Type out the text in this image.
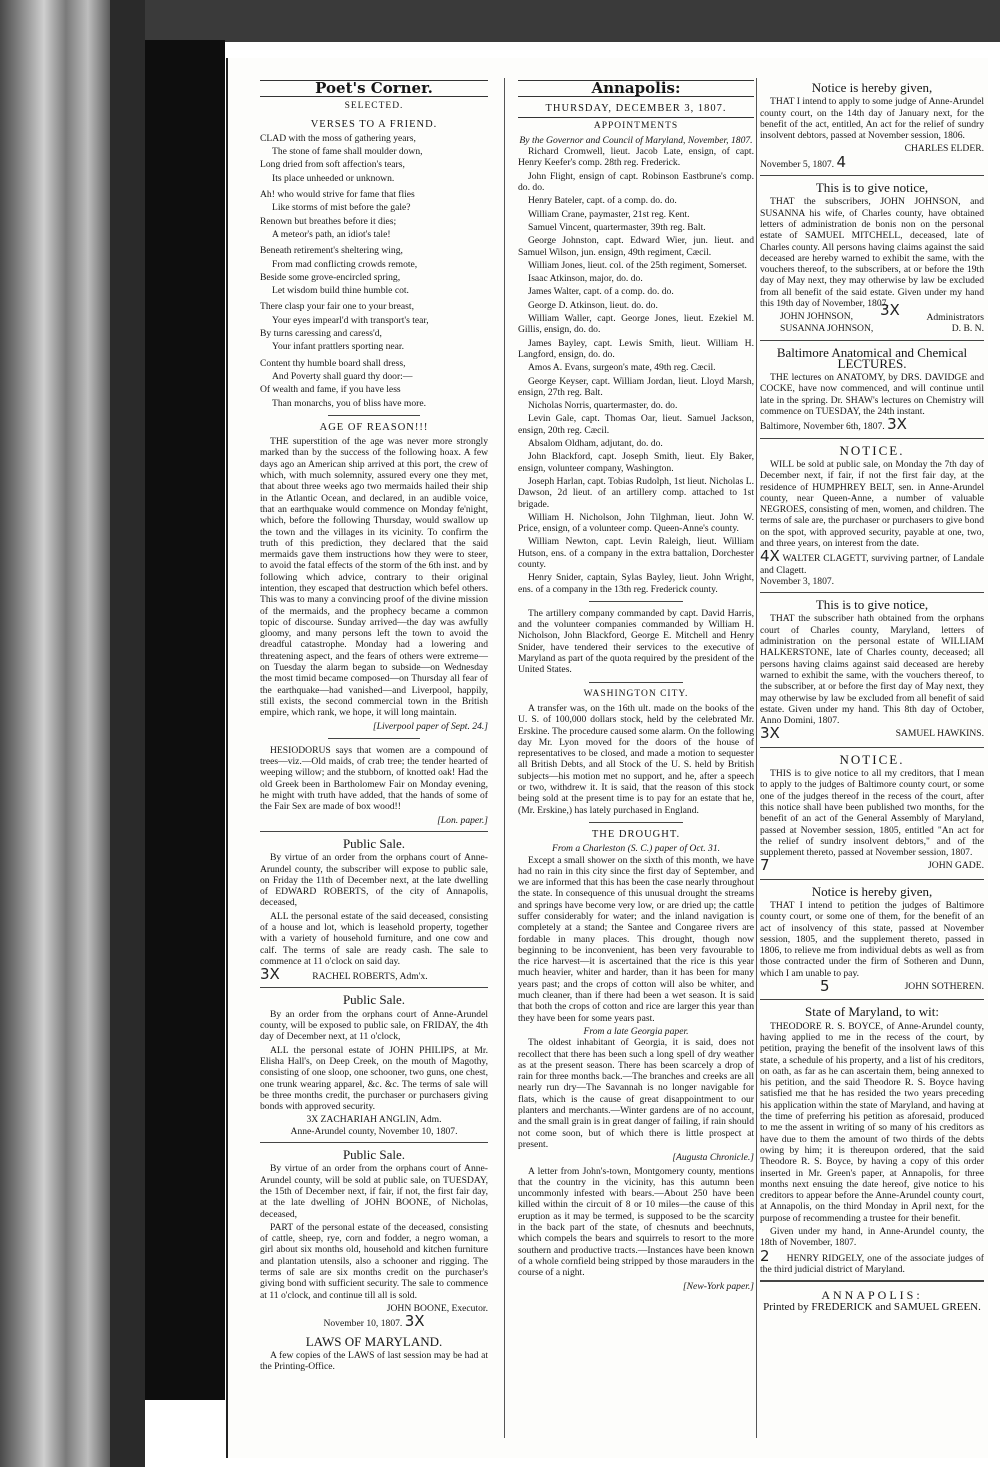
Poet's Corner.
SELECTED.
VERSES TO A FRIEND.

CLAD with the moss of gathering years,

The stone of fame shall moulder down,

Long dried from soft affection's tears,

Its place unheeded or unknown.

Ah! who would strive for fame that flies

Like storms of mist before the gale?

Renown but breathes before it dies;

A meteor's path, an idiot's tale!

Beneath retirement's sheltering wing,

From mad conflicting crowds remote,

Beside some grove-encircled spring,

Let wisdom build thine humble cot.

There clasp your fair one to your breast,

Your eyes impearl'd with transport's tear,

By turns caressing and caress'd,

Your infant prattlers sporting near.

Content thy humble board shall dress,

And Poverty shall guard thy door:—

Of wealth and fame, if you have less

Than monarchs, you of bliss have more.

AGE OF REASON!!!

THE superstition of the age was never more strongly marked than by the success of the following hoax. A few days ago an American ship arrived at this port, the crew of which, with much solemnity, assured every one they met, that about three weeks ago two mermaids hailed their ship in the Atlantic Ocean, and declared, in an audible voice, that an earthquake would commence on Monday fe'night, which, before the following Thursday, would swallow up the town and the villages in its vicinity. To confirm the truth of this prediction, they declared that the said mermaids gave them instructions how they were to steer, to avoid the fatal effects of the storm of the 6th inst. and by following which advice, contrary to their original intention, they escaped that destruction which befel others. This was to many a convincing proof of the divine mission of the mermaids, and the prophecy became a common topic of discourse. Sunday arrived—the day was awfully gloomy, and many persons left the town to avoid the dreadful catastrophe. Monday had a lowering and threatening aspect, and the fears of others were extreme—on Tuesday the alarm began to subside—on Wednesday the most timid became composed—on Thursday all fear of the earthquake—had vanished—and Liverpool, happily, still exists, the second commercial town in the British empire, which rank, we hope, it will long maintain.

[Liverpool paper of Sept. 24.]

HESIODORUS says that women are a compound of trees—viz.—Old maids, of crab tree; the tender hearted of weeping willow; and the stubborn, of knotted oak! Had the old Greek been in Bartholomew Fair on Monday evening, he might with truth have added, that the hands of some of the Fair Sex are made of box wood!!

[Lon. paper.]
Public Sale.

By virtue of an order from the orphans court of Anne-Arundel county, the subscriber will expose to public sale, on Friday the 11th of December next, at the late dwelling of EDWARD ROBERTS, of the city of Annapolis, deceased,

ALL the personal estate of the said deceased, consisting of a house and lot, which is leasehold property, together with a variety of household furniture, and one cow and calf. The terms of sale are ready cash. The sale to commence at 11 o'clock on said day.

3X	RACHEL ROBERTS, Adm'x.
Public Sale.

By an order from the orphans court of Anne-Arundel county, will be exposed to public sale, on FRIDAY, the 4th day of December next, at 11 o'clock,

ALL the personal estate of JOHN PHILIPS, at Mr. Elisha Hall's, on Deep Creek, on the mouth of Magothy, consisting of one sloop, one schooner, two guns, one chest, one trunk wearing apparel, &c. &c. The terms of sale will be three months credit, the purchaser or purchasers giving bonds with approved security.

3X ZACHARIAH ANGLIN, Adm.
Anne-Arundel county, November 10, 1807.
Public Sale.

By virtue of an order from the orphans court of Anne-Arundel county, will be sold at public sale, on TUESDAY, the 15th of December next, if fair, if not, the first fair day, at the late dwelling of JOHN BOONE, of Nicholas, deceased,

PART of the personal estate of the deceased, consisting of cattle, sheep, rye, corn and fodder, a negro woman, a girl about six months old, household and kitchen furniture and plantation utensils, also a schooner and rigging. The terms of sale are six months credit on the purchaser's giving bond with sufficient security. The sale to commence at 11 o'clock, and continue till all is sold.

JOHN BOONE, Executor.
November 10, 1807. 3X
LAWS OF MARYLAND.

A few copies of the LAWS of last session may be had at the Printing-Office.

Annapolis:
THURSDAY, DECEMBER 3, 1807.
APPOINTMENTS
By the Governor and Council of Maryland, November, 1807.

Richard Cromwell, lieut. Jacob Late, ensign, of capt. Henry Keefer's comp. 28th reg. Frederick.

John Flight, ensign of capt. Robinson Eastbrune's comp. do. do.

Henry Bateler, capt. of a comp. do. do.

William Crane, paymaster, 21st reg. Kent.

Samuel Vincent, quartermaster, 39th reg. Balt.

George Johnston, capt. Edward Wier, jun. lieut. and Samuel Wilson, jun. ensign, 49th regiment, Cæcil.

William Jones, lieut. col. of the 25th regiment, Somerset.

Isaac Atkinson, major, do. do.

James Walter, capt. of a comp. do. do.

George D. Atkinson, lieut. do. do.

William Waller, capt. George Jones, lieut. Ezekiel M. Gillis, ensign, do. do.

James Bayley, capt. Lewis Smith, lieut. William H. Langford, ensign, do. do.

Amos A. Evans, surgeon's mate, 49th reg. Cæcil.

George Keyser, capt. William Jordan, lieut. Lloyd Marsh, ensign, 27th reg. Balt.

Nicholas Norris, quartermaster, do. do.

Levin Gale, capt. Thomas Oar, lieut. Samuel Jackson, ensign, 20th reg. Cæcil.

Absalom Oldham, adjutant, do. do.

John Blackford, capt. Joseph Smith, lieut. Ely Baker, ensign, volunteer company, Washington.

Joseph Harlan, capt. Tobias Rudolph, 1st lieut. Nicholas L. Dawson, 2d lieut. of an artillery comp. attached to 1st brigade.

William H. Nicholson, John Tilghman, lieut. John W. Price, ensign, of a volunteer comp. Queen-Anne's county.

William Newton, capt. Levin Raleigh, lieut. William Hutson, ens. of a company in the extra battalion, Dorchester county.

Henry Snider, captain, Sylas Bayley, lieut. John Wright, ens. of a company in the 13th reg. Frederick county.

The artillery company commanded by capt. David Harris, and the volunteer companies commanded by William H. Nicholson, John Blackford, George E. Mitchell and Henry Snider, have tendered their services to the executive of Maryland as part of the quota required by the president of the United States.

WASHINGTON CITY.

A transfer was, on the 16th ult. made on the books of the U. S. of 100,000 dollars stock, held by the celebrated Mr. Erskine. The procedure caused some alarm. On the following day Mr. Lyon moved for the doors of the house of representatives to be closed, and made a motion to sequester all British Debts, and all Stock of the U. S. held by British subjects—his motion met no support, and he, after a speech or two, withdrew it. It is said, that the reason of this stock being sold at the present time is to pay for an estate that he, (Mr. Erskine,) has lately purchased in England.

THE DROUGHT.
From a Charleston (S. C.) paper of Oct. 31.

Except a small shower on the sixth of this month, we have had no rain in this city since the first day of September, and we are informed that this has been the case nearly throughout the state. In consequence of this unusual drought the streams and springs have become very low, or are dried up; the cattle suffer considerably for water; and the inland navigation is completely at a stand; the Santee and Congaree rivers are fordable in many places. This drought, though now beginning to be inconvenient, has been very favourable to the rice harvest—it is ascertained that the rice is this year much heavier, whiter and harder, than it has been for many years past; and the crops of cotton will also be whiter, and much cleaner, than if there had been a wet season. It is said that both the crops of cotton and rice are larger this year than they have been for some years past.

From a late Georgia paper.

The oldest inhabitant of Georgia, it is said, does not recollect that there has been such a long spell of dry weather as at the present season. There has been scarcely a drop of rain for three months back.—The branches and creeks are all nearly run dry—The Savannah is no longer navigable for flats, which is the cause of great disappointment to our planters and merchants.—Winter gardens are of no account, and the small grain is in great danger of failing, if rain should not come soon, but of which there is little prospect at present.

[Augusta Chronicle.]

A letter from John's-town, Montgomery county, mentions that the country in the vicinity, has this autumn been uncommonly infested with bears.—About 250 have been killed within the circuit of 8 or 10 miles—the cause of this eruption as it may be termed, is supposed to be the scarcity in the back part of the state, of chesnuts and beechnuts, which compels the bears and squirrels to resort to the more southern and productive tracts.—Instances have been known of a whole cornfield being stripped by those marauders in the course of a night.

[New-York paper.]
Notice is hereby given,

THAT I intend to apply to some judge of Anne-Arundel county court, on the 14th day of January next, for the benefit of the act, entitled, An act for the relief of sundry insolvent debtors, passed at November session, 1806.

CHARLES ELDER.
November 5, 1807. 4
This is to give notice,

THAT the subscribers, JOHN JOHNSON, and SUSANNA his wife, of Charles county, have obtained letters of administration de bonis non on the personal estate of SAMUEL MITCHELL, deceased, late of Charles county. All persons having claims against the said deceased are hereby warned to exhibit the same, with the vouchers thereof, to the subscribers, at or before the 19th day of May next, they may otherwise by law be excluded from all benefit of the said estate. Given under my hand this 19th day of November, 1807.

JOHN JOHNSON,
SUSANNA JOHNSON,
3X	Administrators D. B. N.
Baltimore Anatomical and Chemical LECTURES.

THE lectures on ANATOMY, by DRS. DAVIDGE and COCKE, have now commenced, and will continue until late in the spring. Dr. SHAW's lectures on Chemistry will commence on TUESDAY, the 24th instant.

Baltimore, November 6th, 1807. 3X
NOTICE.

WILL be sold at public sale, on Monday the 7th day of December next, if fair, if not the first fair day, at the residence of HUMPHREY BELT, sen. in Anne-Arundel county, near Queen-Anne, a number of valuable NEGROES, consisting of men, women, and children. The terms of sale are, the purchaser or purchasers to give bond on the spot, with approved security, payable at one, two, and three years, on interest from the date.

4X WALTER CLAGETT, surviving partner, of Landale and Clagett.
November 3, 1807.
This is to give notice,

THAT the subscriber hath obtained from the orphans court of Charles county, Maryland, letters of administration on the personal estate of WILLIAM HALKERSTONE, late of Charles county, deceased; all persons having claims against said deceased are hereby warned to exhibit the same, with the vouchers thereof, to the subscriber, at or before the first day of May next, they may otherwise by law be excluded from all benefit of said estate. Given under my hand. This 8th day of October, Anno Domini, 1807.

3X	SAMUEL HAWKINS.
NOTICE.

THIS is to give notice to all my creditors, that I mean to apply to the judges of Baltimore county court, or some one of the judges thereof in the recess of the court, after this notice shall have been published two months, for the benefit of an act of the General Assembly of Maryland, passed at November session, 1805, entitled "An act for the relief of sundry insolvent debtors," and of the supplement thereto, passed at November session, 1807.

7	JOHN GADE.
Notice is hereby given,

THAT I intend to petition the judges of Baltimore county court, or some one of them, for the benefit of an act of insolvency of this state, passed at November session, 1805, and the supplement thereto, passed in 1806, to relieve me from individual debts as well as from those contracted under the firm of Sotheren and Dunn, which I am unable to pay.

5	JOHN SOTHEREN.
State of Maryland, to wit:

THEODORE R. S. BOYCE, of Anne-Arundel county, having applied to me in the recess of the court, by petition, praying the benefit of the insolvent laws of this state, a schedule of his property, and a list of his creditors, on oath, as far as he can ascertain them, being annexed to his petition, and the said Theodore R. S. Boyce having satisfied me that he has resided the two years preceding his application within the state of Maryland, and having at the time of preferring his petition as aforesaid, produced to me the assent in writing of so many of his creditors as have due to them the amount of two thirds of the debts owing by him; it is thereupon ordered, that the said Theodore R. S. Boyce, by having a copy of this order inserted in Mr. Green's paper, at Annapolis, for three months next ensuing the date hereof, give notice to his creditors to appear before the Anne-Arundel county court, at Annapolis, on the third Monday in April next, for the purpose of recommending a trustee for their benefit.

Given under my hand, in Anne-Arundel county, the 18th of November, 1807.

2 HENRY RIDGELY, one of the associate judges of the third judicial district of Maryland.
ANNAPOLIS:
Printed by FREDERICK and SAMUEL GREEN.
